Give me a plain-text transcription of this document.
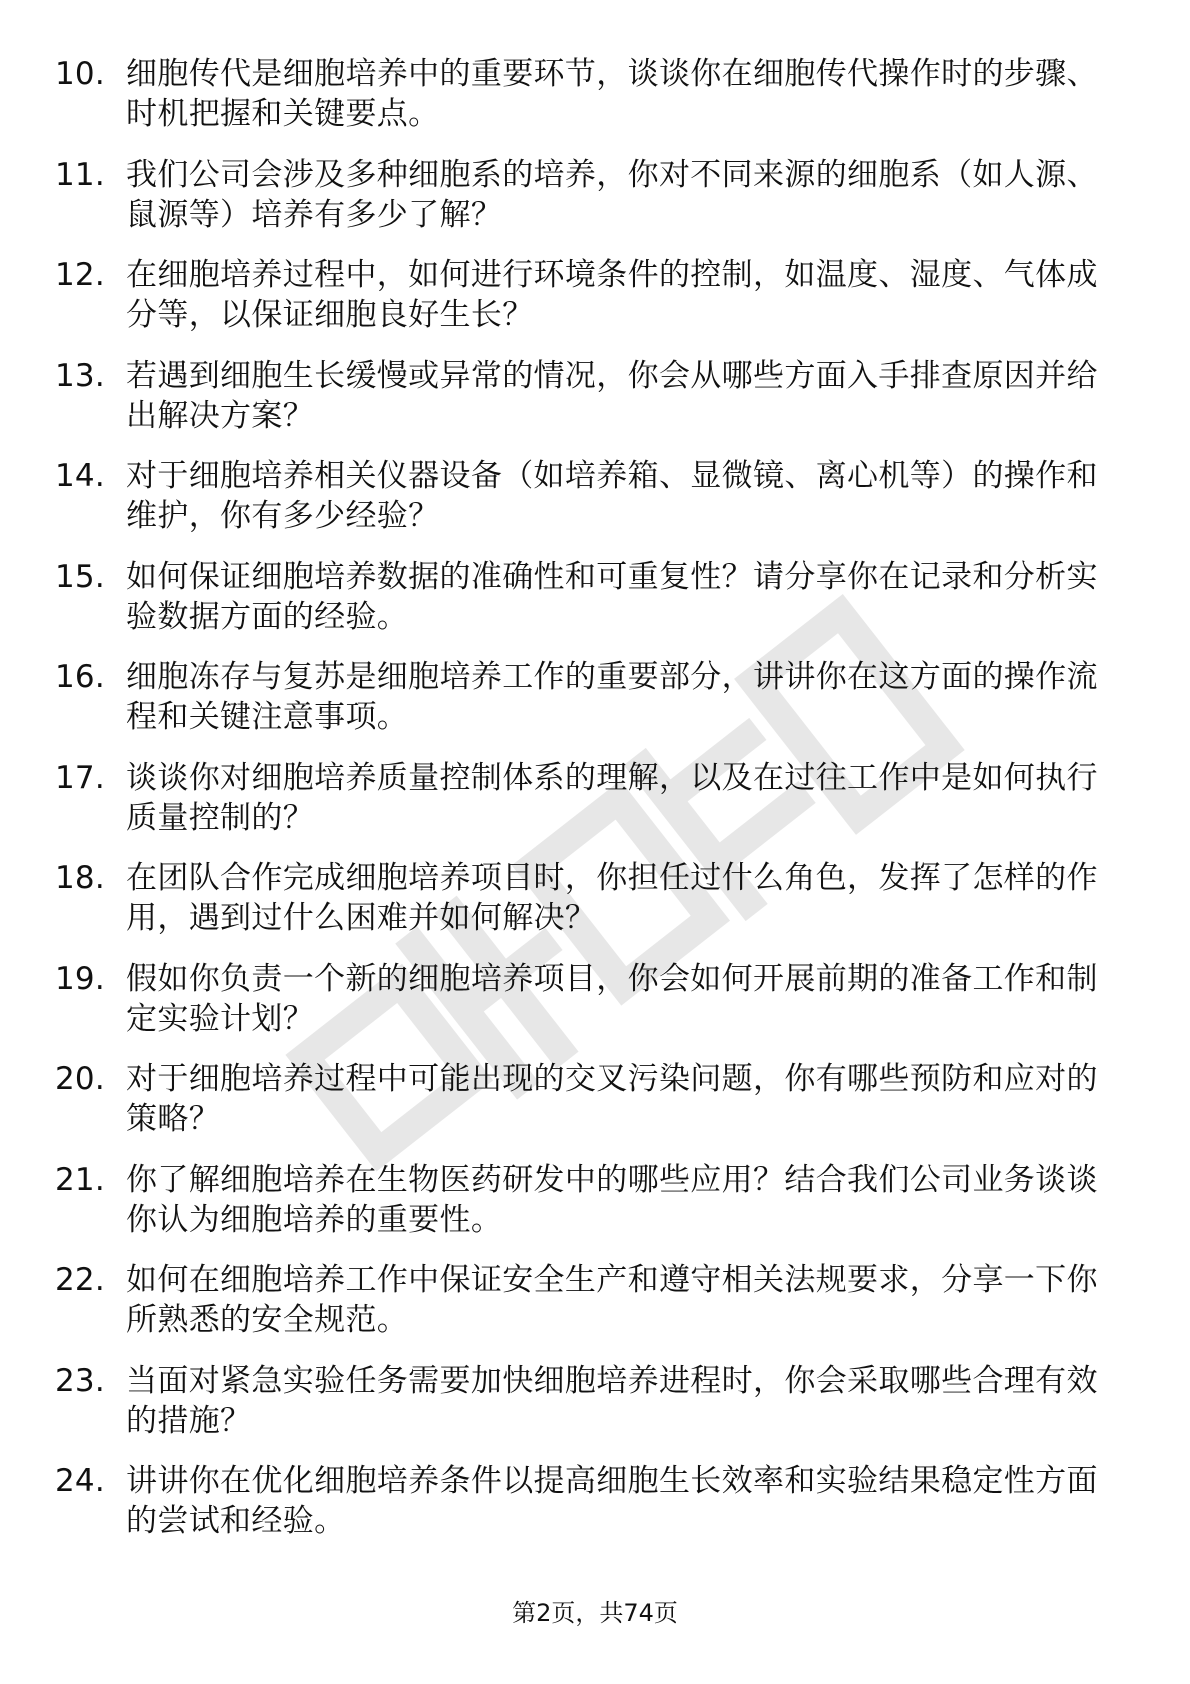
10. 细胞传代是细胞培养中的重要环节，谈谈你在细胞传代操作时的步骤、时机把握和关键要点。
11. 我们公司会涉及多种细胞系的培养，你对不同来源的细胞系（如人源、鼠源等）培养有多少了解？
12. 在细胞培养过程中，如何进行环境条件的控制，如温度、湿度、气体成分等，以保证细胞良好生长？
13. 若遇到细胞生长缓慢或异常的情况，你会从哪些方面入手排查原因并给出解决方案？
14. 对于细胞培养相关仪器设备（如培养箱、显微镜、离心机等）的操作和维护，你有多少经验？
15. 如何保证细胞培养数据的准确性和可重复性？请分享你在记录和分析实验数据方面的经验。
16. 细胞冻存与复苏是细胞培养工作的重要部分，讲讲你在这方面的操作流程和关键注意事项。
17. 谈谈你对细胞培养质量控制体系的理解，以及在过往工作中是如何执行质量控制的？
18. 在团队合作完成细胞培养项目时，你担任过什么角色，发挥了怎样的作用，遇到过什么困难并如何解决？
19. 假如你负责一个新的细胞培养项目，你会如何开展前期的准备工作和制定实验计划？
20. 对于细胞培养过程中可能出现的交叉污染问题，你有哪些预防和应对的策略？
21. 你了解细胞培养在生物医药研发中的哪些应用？结合我们公司业务谈谈你认为细胞培养的重要性。
22. 如何在细胞培养工作中保证安全生产和遵守相关法规要求，分享一下你所熟悉的安全规范。
23. 当面对紧急实验任务需要加快细胞培养进程时，你会采取哪些合理有效的措施？
24. 讲讲你在优化细胞培养条件以提高细胞生长效率和实验结果稳定性方面的尝试和经验。
第2页，共74页
